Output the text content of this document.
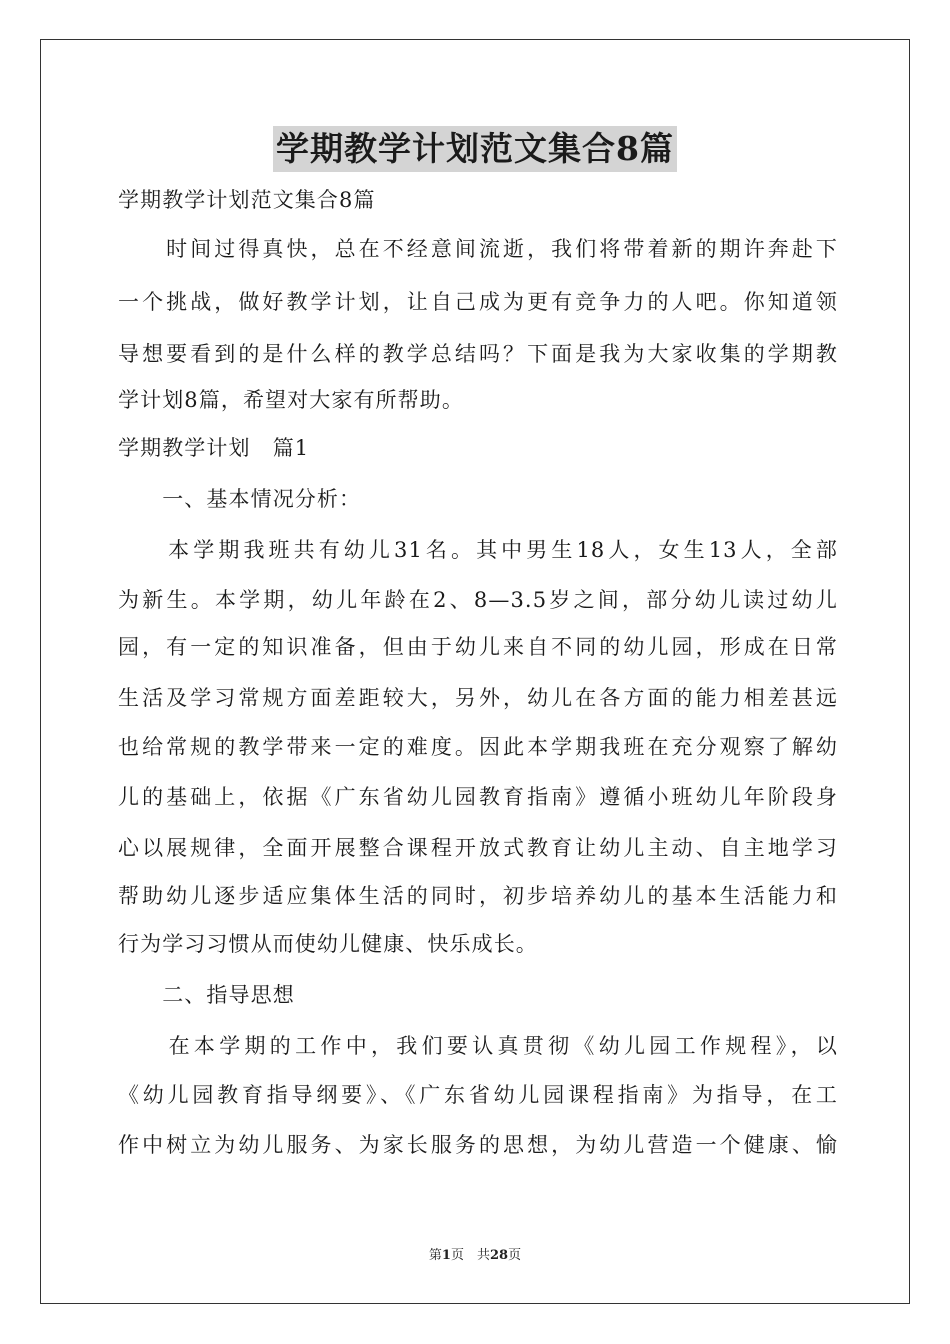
学期教学计划范文集合8篇
学期教学计划范文集合8篇
　　时间过得真快，总在不经意间流逝，我们将带着新的期许奔赴下
一个挑战，做好教学计划，让自己成为更有竞争力的人吧。你知道领
导想要看到的是什么样的教学总结吗？下面是我为大家收集的学期教
学计划8篇，希望对大家有所帮助。
学期教学计划　篇1
　　一、基本情况分析：
　　本学期我班共有幼儿31名。其中男生18人，女生13人，全部
为新生。本学期，幼儿年龄在2、8—3.5岁之间，部分幼儿读过幼儿
园，有一定的知识准备，但由于幼儿来自不同的幼儿园，形成在日常
生活及学习常规方面差距较大，另外，幼儿在各方面的能力相差甚远
也给常规的教学带来一定的难度。因此本学期我班在充分观察了解幼
儿的基础上，依据《广东省幼儿园教育指南》遵循小班幼儿年阶段身
心以展规律，全面开展整合课程开放式教育让幼儿主动、自主地学习
帮助幼儿逐步适应集体生活的同时，初步培养幼儿的基本生活能力和
行为学习习惯从而使幼儿健康、快乐成长。
　　二、指导思想
　　在本学期的工作中，我们要认真贯彻《幼儿园工作规程》，以
《幼儿园教育指导纲要》、《广东省幼儿园课程指南》为指导，在工
作中树立为幼儿服务、为家长服务的思想，为幼儿营造一个健康、愉
第1页　共28页
